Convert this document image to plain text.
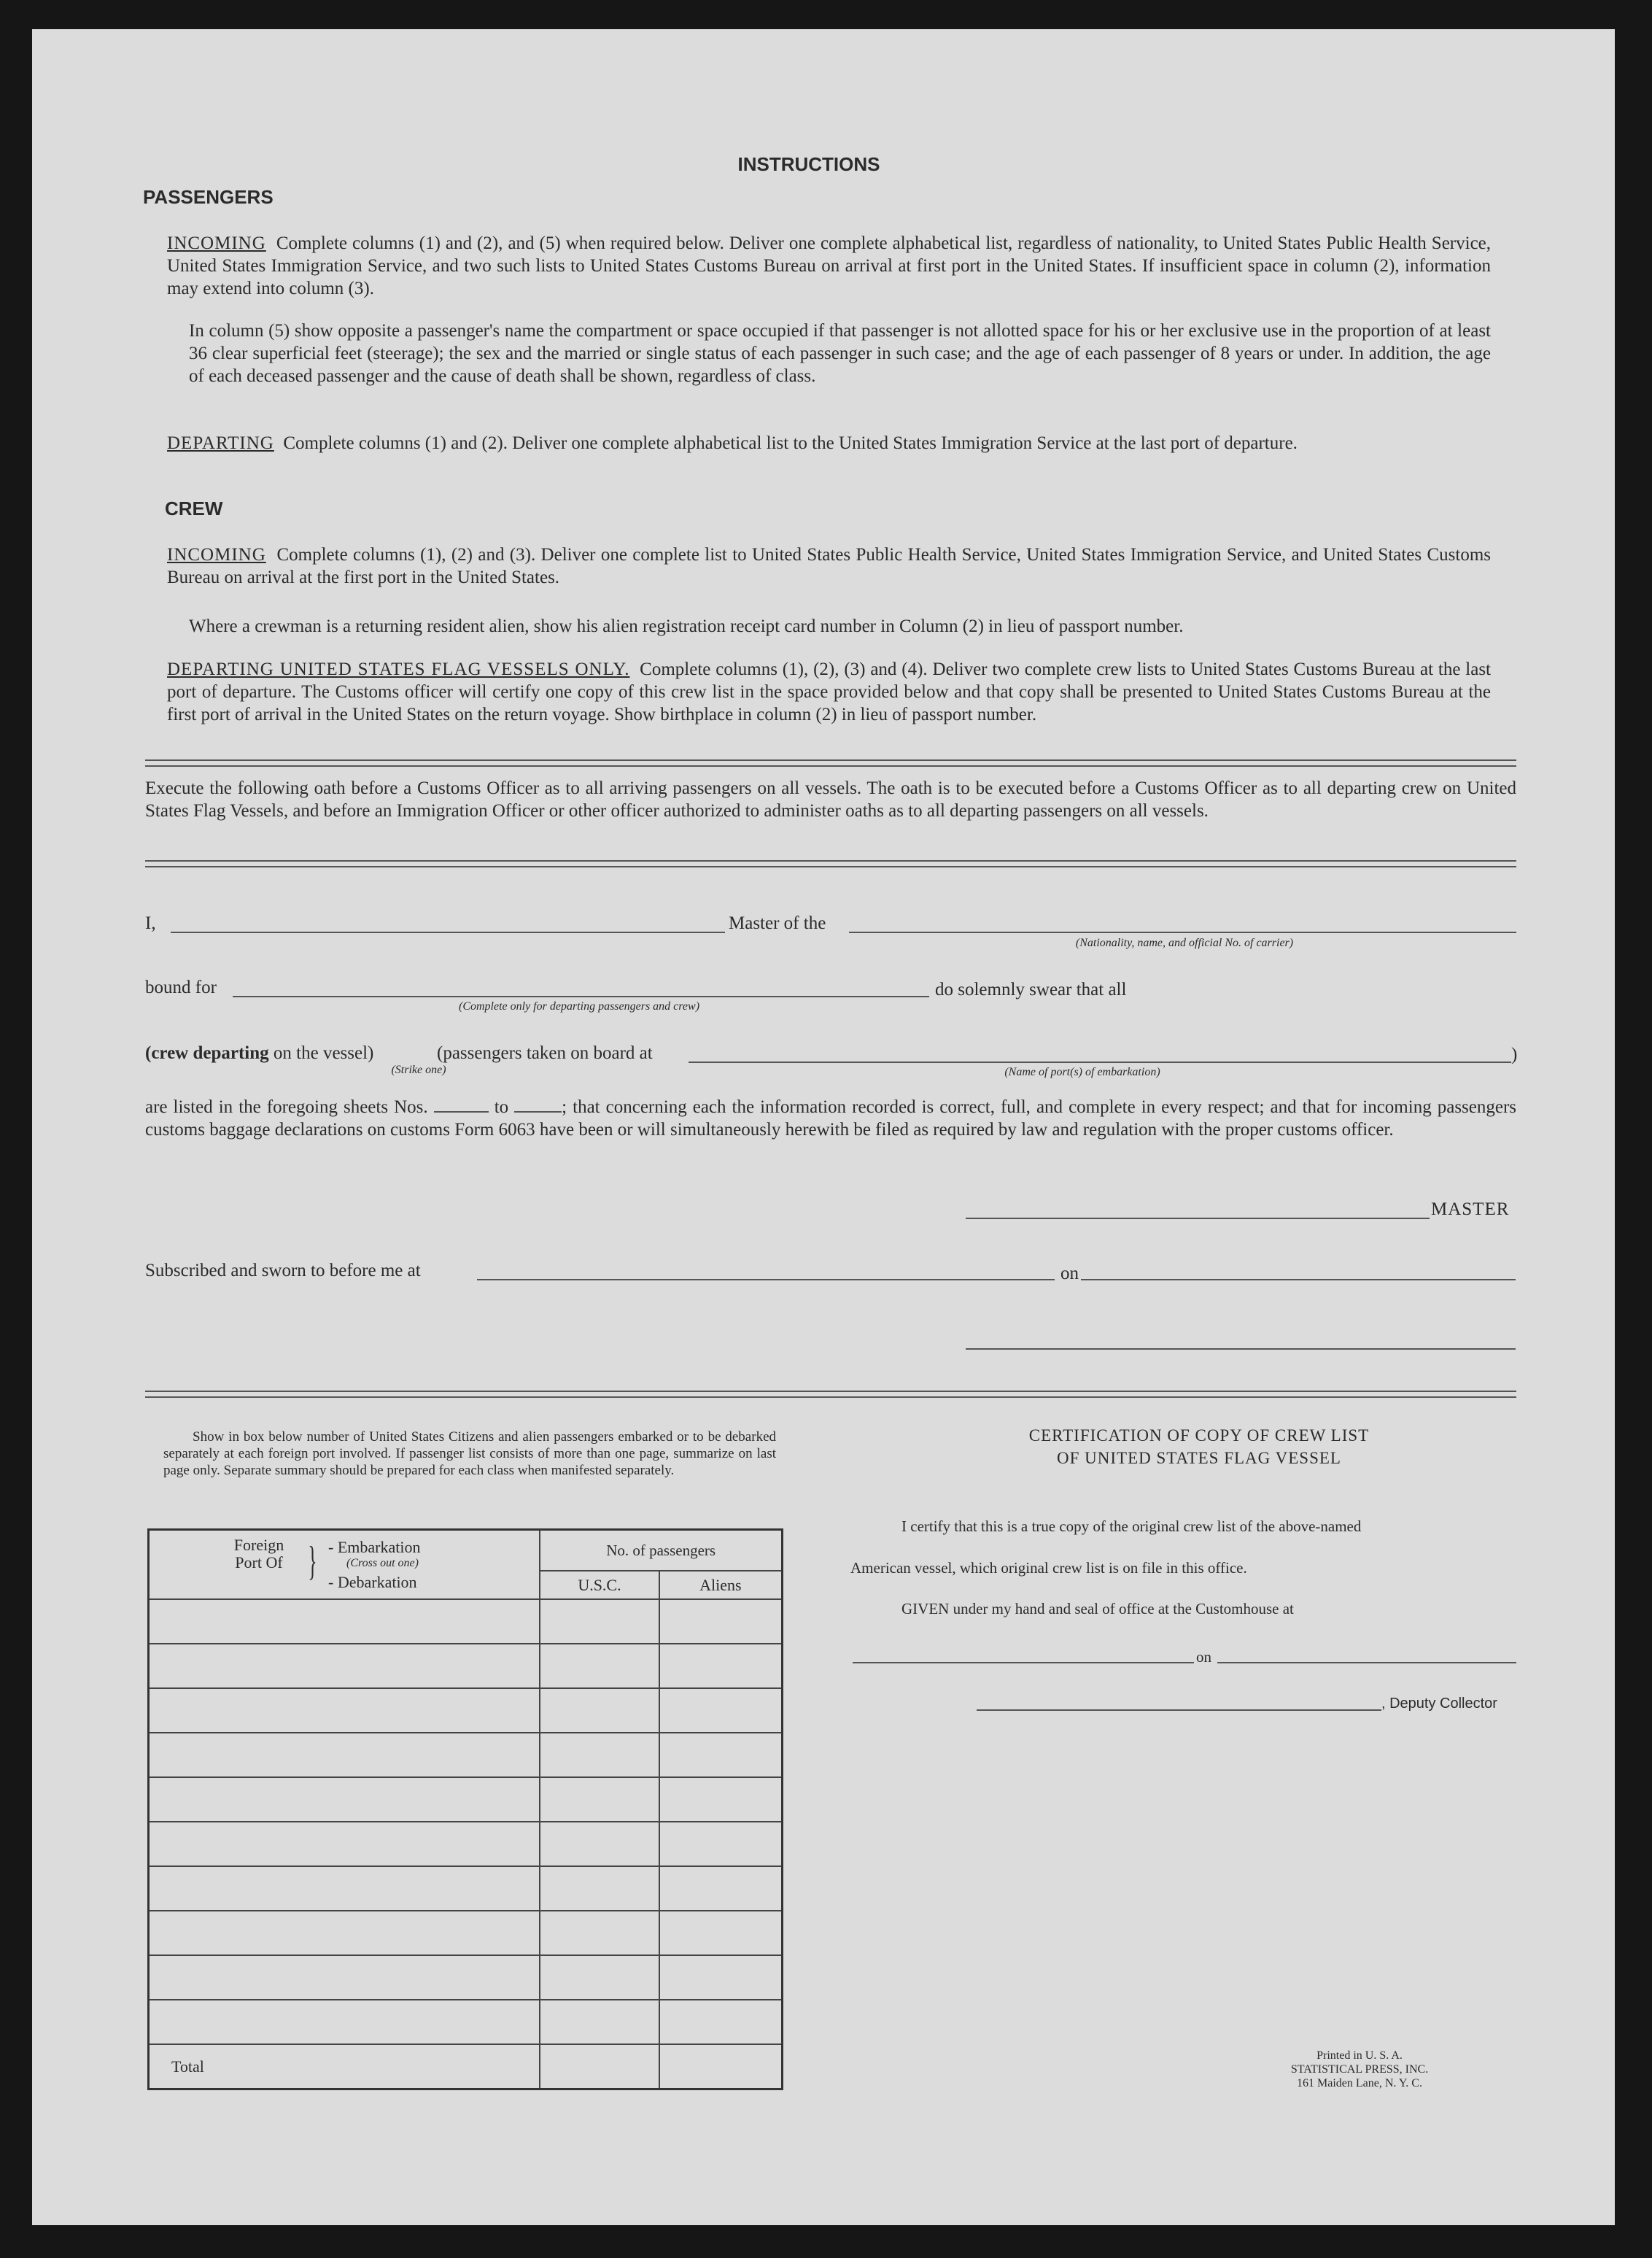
INSTRUCTIONS
PASSENGERS
INCOMING Complete columns (1) and (2), and (5) when required below. Deliver one complete alphabetical list, regardless of nationality, to United States Public Health Service, United States Immigration Service, and two such lists to United States Customs Bureau on arrival at first port in the United States. If insufficient space in column (2), information may extend into column (3).
In column (5) show opposite a passenger's name the compartment or space occupied if that passenger is not allotted space for his or her exclusive use in the proportion of at least 36 clear superficial feet (steerage); the sex and the married or single status of each passenger in such case; and the age of each passenger of 8 years or under. In addition, the age of each deceased passenger and the cause of death shall be shown, regardless of class.
DEPARTING Complete columns (1) and (2). Deliver one complete alphabetical list to the United States Immigration Service at the last port of departure.
CREW
INCOMING Complete columns (1), (2) and (3). Deliver one complete list to United States Public Health Service, United States Immigration Service, and United States Customs Bureau on arrival at the first port in the United States.
Where a crewman is a returning resident alien, show his alien registration receipt card number in Column (2) in lieu of passport number.
DEPARTING UNITED STATES FLAG VESSELS ONLY. Complete columns (1), (2), (3) and (4). Deliver two complete crew lists to United States Customs Bureau at the last port of departure. The Customs officer will certify one copy of this crew list in the space provided below and that copy shall be presented to United States Customs Bureau at the first port of arrival in the United States on the return voyage. Show birthplace in column (2) in lieu of passport number.
Execute the following oath before a Customs Officer as to all arriving passengers on all vessels. The oath is to be executed before a Customs Officer as to all departing crew on United States Flag Vessels, and before an Immigration Officer or other officer authorized to administer oaths as to all departing passengers on all vessels.
I,	Master of the
(Nationality, name, and official No. of carrier)
bound for
(Complete only for departing passengers and crew)
do solemnly swear that all
(crew departing on the vessel)
(Strike one)
(passengers taken on board at
(Name of port(s) of embarkation)
)
are listed in the foregoing sheets Nos.	to	; that concerning each the information recorded is correct, full, and complete in every respect; and that for incoming passengers customs baggage declarations on customs Form 6063 have been or will simultaneously herewith be filed as required by law and regulation with the proper customs officer.
MASTER
Subscribed and sworn to before me at	on
Show in box below number of United States Citizens and alien passengers embarked or to be debarked separately at each foreign port involved. If passenger list consists of more than one page, summarize on last page only. Separate summary should be prepared for each class when manifested separately.
Foreign Port Of } - Embarkation
(Cross out one)
- Debarkation	No. of passengers	
	U.S.C.	Aliens

Total		
CERTIFICATION OF COPY OF CREW LIST
OF UNITED STATES FLAG VESSEL
I certify that this is a true copy of the original crew list of the above-named
American vessel, which original crew list is on file in this office.
GIVEN under my hand and seal of office at the Customhouse at
on
, Deputy Collector
Printed in U. S. A.
STATISTICAL PRESS, INC.
161 Maiden Lane, N. Y. C.
